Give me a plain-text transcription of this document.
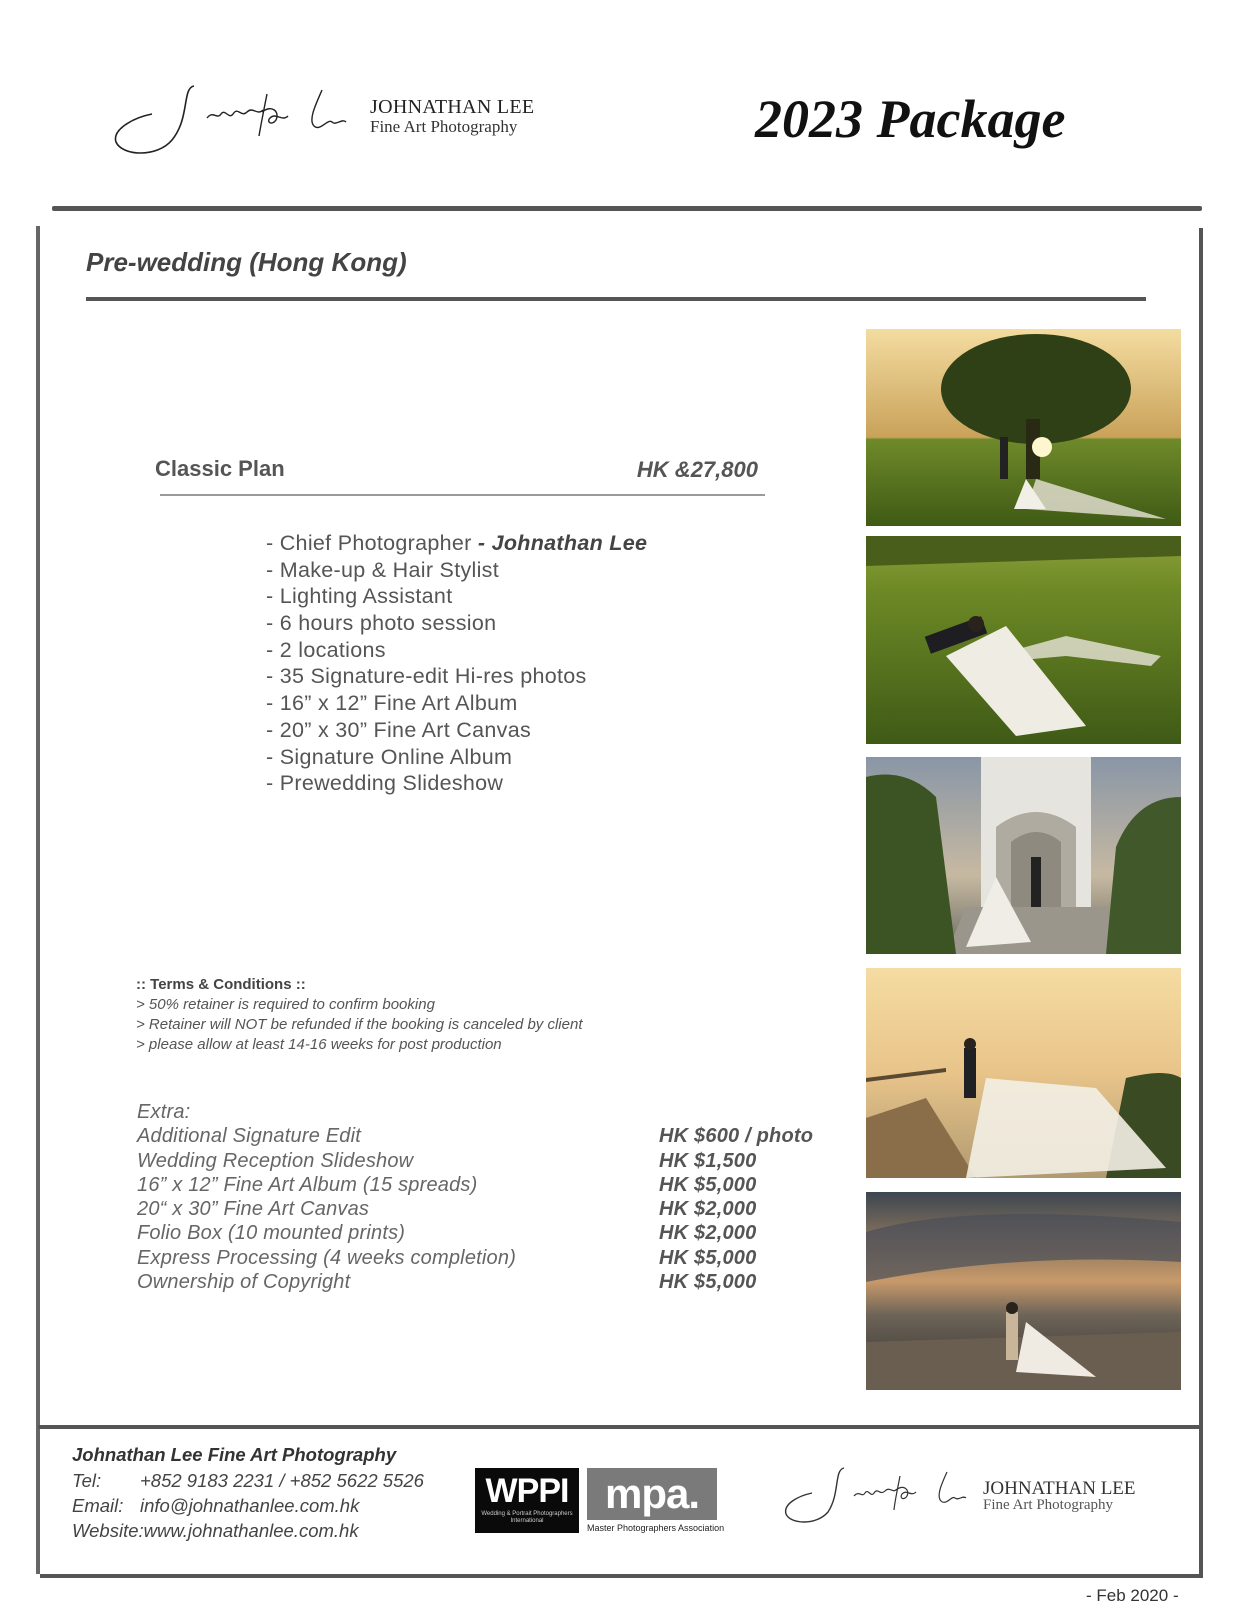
JOHNATHAN LEE
Fine Art Photography	2023 Package
Pre-wedding (Hong Kong)
Classic Plan	HK &27,800
- Chief Photographer - Johnathan Lee
- Make-up & Hair Stylist
- Lighting Assistant
- 6 hours photo session
- 2 locations
- 35 Signature-edit Hi-res photos
- 16” x 12” Fine Art Album
- 20” x 30” Fine Art Canvas
- Signature Online Album
- Prewedding Slideshow
:: Terms & Conditions ::
> 50% retainer is required to confirm booking
> Retainer will NOT be refunded if the booking is canceled by client
> please allow at least 14-16 weeks for post production
Extra:
Additional Signature Edit	HK $600 / photo
Wedding Reception Slideshow	HK $1,500
16” x 12” Fine Art Album (15 spreads)	HK $5,000
20“ x 30” Fine Art Canvas	HK $2,000
Folio Box (10 mounted prints)	HK $2,000
Express Processing (4 weeks completion)	HK $5,000
Ownership of Copyright	HK $5,000
Johnathan Lee Fine Art Photography
Tel: +852 9183 2231 / +852 5622 5526
Email: info@johnathanlee.com.hk
Website:www.johnathanlee.com.hk
WPPI
Wedding & Portrait Photographers International
mpa.
Master Photographers Association
JOHNATHAN LEE
Fine Art Photography
- Feb 2020 -
